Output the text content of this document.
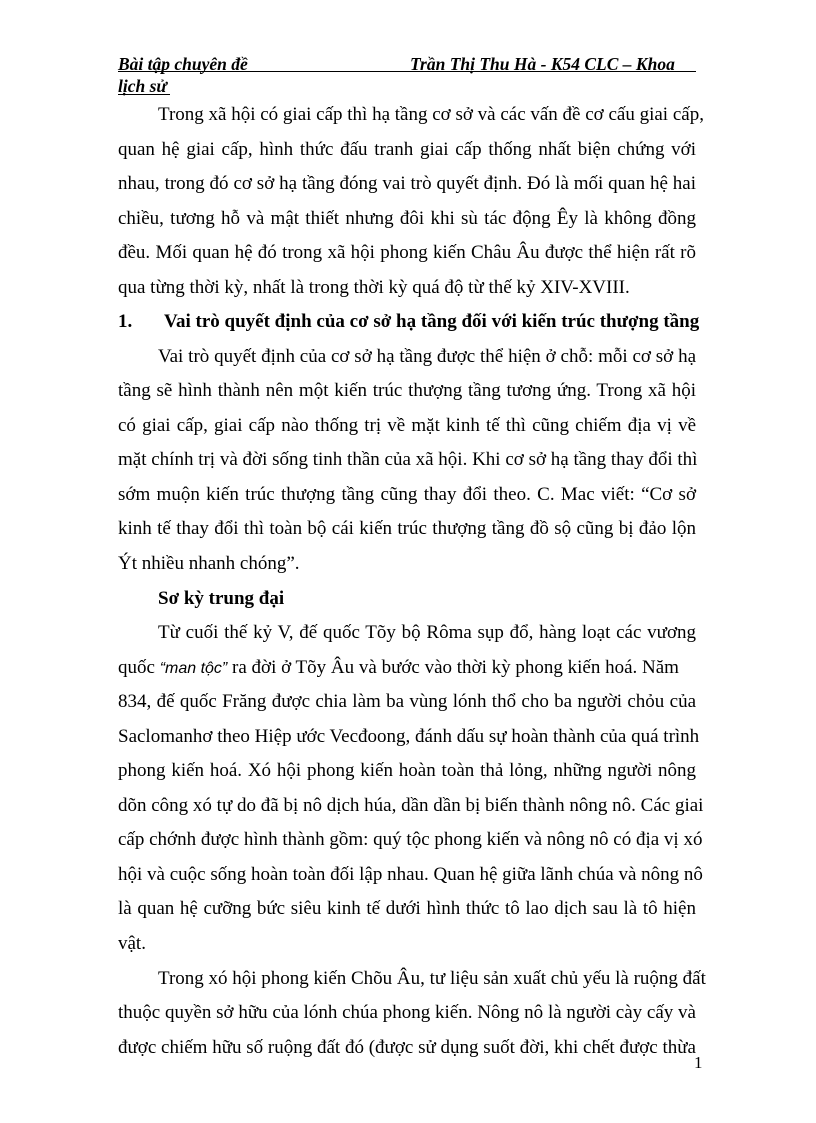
Bài tập chuyên đề	Trần Thị Thu Hà - K54 CLC – Khoa
lịch sử
Trong xã hội có giai cấp thì hạ tầng cơ sở và các vấn đề cơ cấu giai cấp,
quan hệ giai cấp, hình thức đấu tranh giai cấp thống nhất biện chứng với
nhau, trong đó cơ sở hạ tầng đóng vai trò quyết định. Đó là mối quan hệ hai
chiều, tương hỗ và mật thiết nhưng đôi khi sù tác động Êy là không đồng
đều. Mối quan hệ đó trong xã hội phong kiến Châu Âu được thể hiện rất rõ
qua từng thời kỳ, nhất là trong thời kỳ quá độ từ thế kỷ XIV-XVIII.
1. Vai trò quyết định của cơ sở hạ tầng đối với kiến trúc thượng tầng
Vai trò quyết định của cơ sở hạ tầng được thể hiện ở chỗ: mỗi cơ sở hạ
tầng sẽ hình thành nên một kiến trúc thượng tầng tương ứng. Trong xã hội
có giai cấp, giai cấp nào thống trị về mặt kinh tế thì cũng chiếm địa vị về
mặt chính trị và đời sống tinh thần của xã hội. Khi cơ sở hạ tầng thay đổi thì
sớm muộn kiến trúc thượng tầng cũng thay đổi theo. C. Mac viết: “Cơ sở
kinh tế thay đổi thì toàn bộ cái kiến trúc thượng tầng đồ sộ cũng bị đảo lộn
Ýt nhiều nhanh chóng”.
Sơ kỳ trung đại
Từ cuối thế kỷ V, đế quốc Tõy bộ Rôma sụp đổ, hàng loạt các vương
quốc “man tộc” ra đời ở Tõy Âu và bước vào thời kỳ phong kiến hoá. Năm
834, đế quốc Frăng được chia làm ba vùng lónh thổ cho ba người chỏu của
Saclomanhơ theo Hiệp ước Vecđoong, đánh dấu sự hoàn thành của quá trình
phong kiến hoá. Xó hội phong kiến hoàn toàn thả lỏng, những người nông
dõn công xó tự do đã bị nô dịch húa, dần dần bị biến thành nông nô. Các giai
cấp chớnh được hình thành gồm: quý tộc phong kiến và nông nô có địa vị xó
hội và cuộc sống hoàn toàn đối lập nhau. Quan hệ giữa lãnh chúa và nông nô
là quan hệ cưỡng bức siêu kinh tế dưới hình thức tô lao dịch sau là tô hiện
vật.
Trong xó hội phong kiến Chõu Âu, tư liệu sản xuất chủ yếu là ruộng đất
thuộc quyền sở hữu của lónh chúa phong kiến. Nông nô là người cày cấy và
được chiếm hữu số ruộng đất đó (được sử dụng suốt đời, khi chết được thừa
1
